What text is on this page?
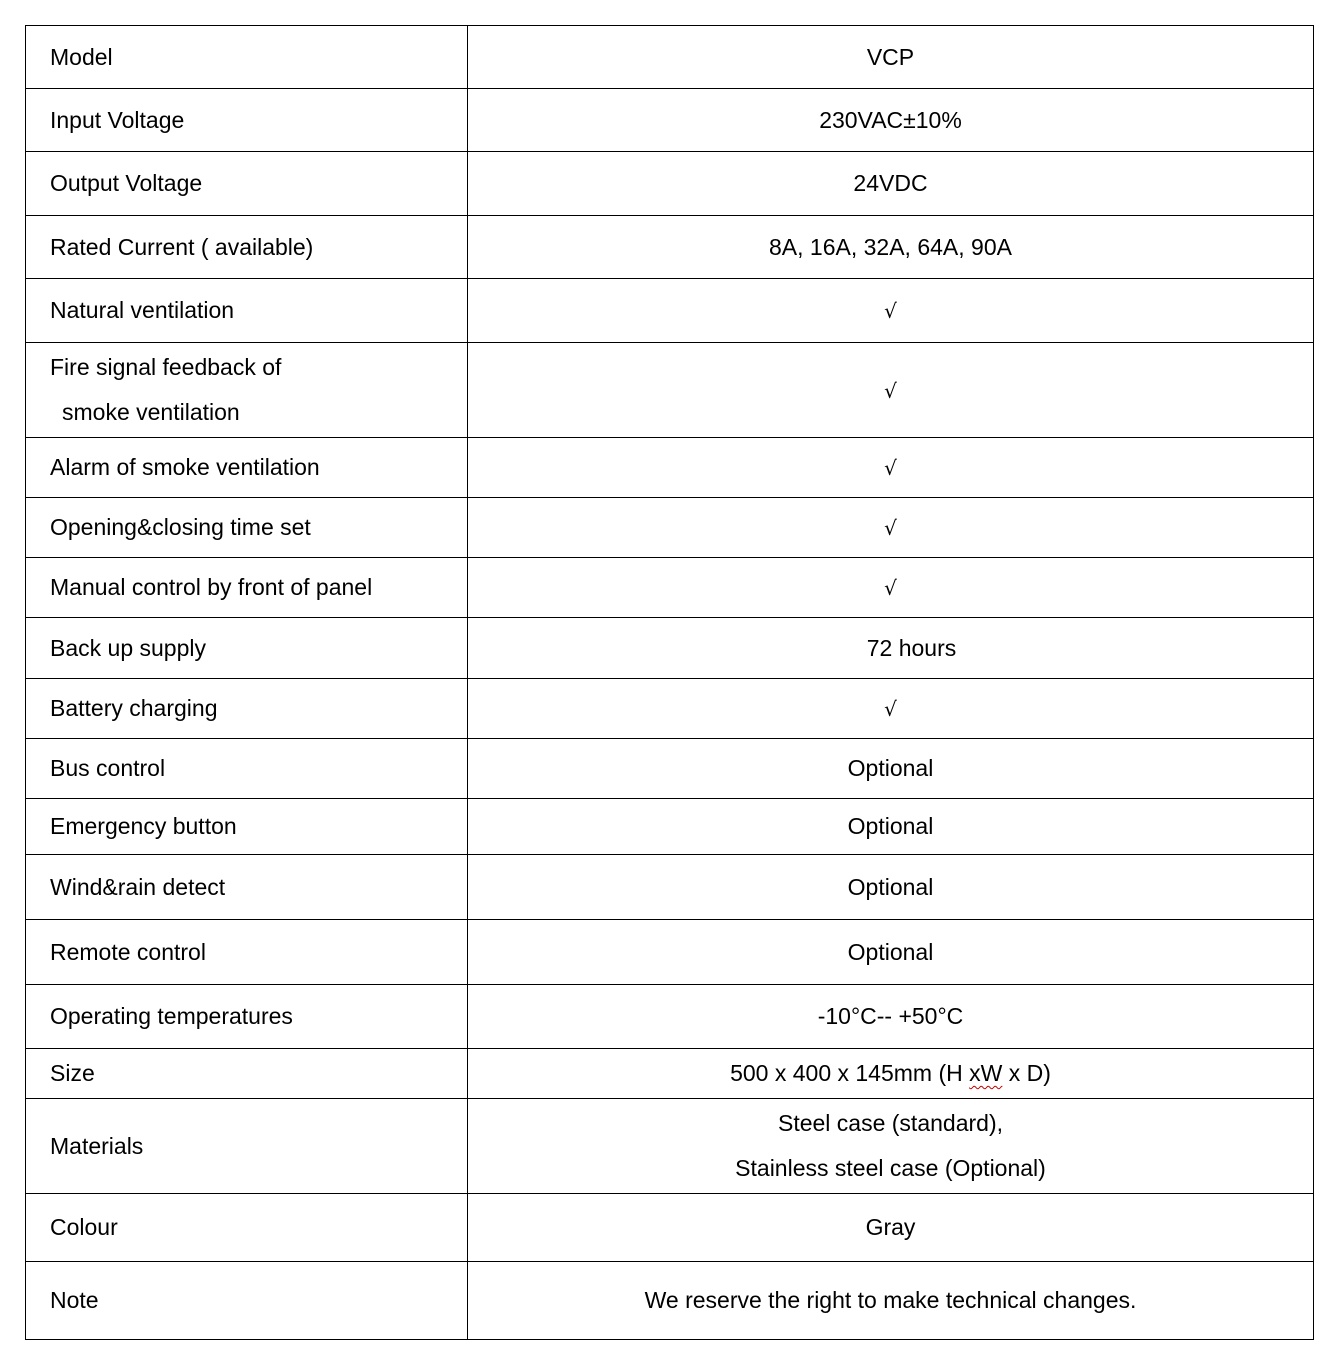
Model	VCP
Input Voltage	230VAC±10%
Output Voltage	24VDC
Rated Current ( available)	8A, 16A, 32A, 64A, 90A
Natural ventilation	√

Fire signal feedback of
smoke ventilation	√
Alarm of smoke ventilation	√
Opening&closing time set	√
Manual control by front of panel	√
Back up supply	72 hours
Battery charging	√
Bus control	Optional
Emergency button	Optional
Wind&rain detect	Optional
Remote control	Optional
Operating temperatures	-10°C-- +50°C
Size	500 x 400 x 145mm (H xW x D)
Materials	Steel case (standard),
Stainless steel case (Optional)

Colour	Gray
Note	We reserve the right to make technical changes.
